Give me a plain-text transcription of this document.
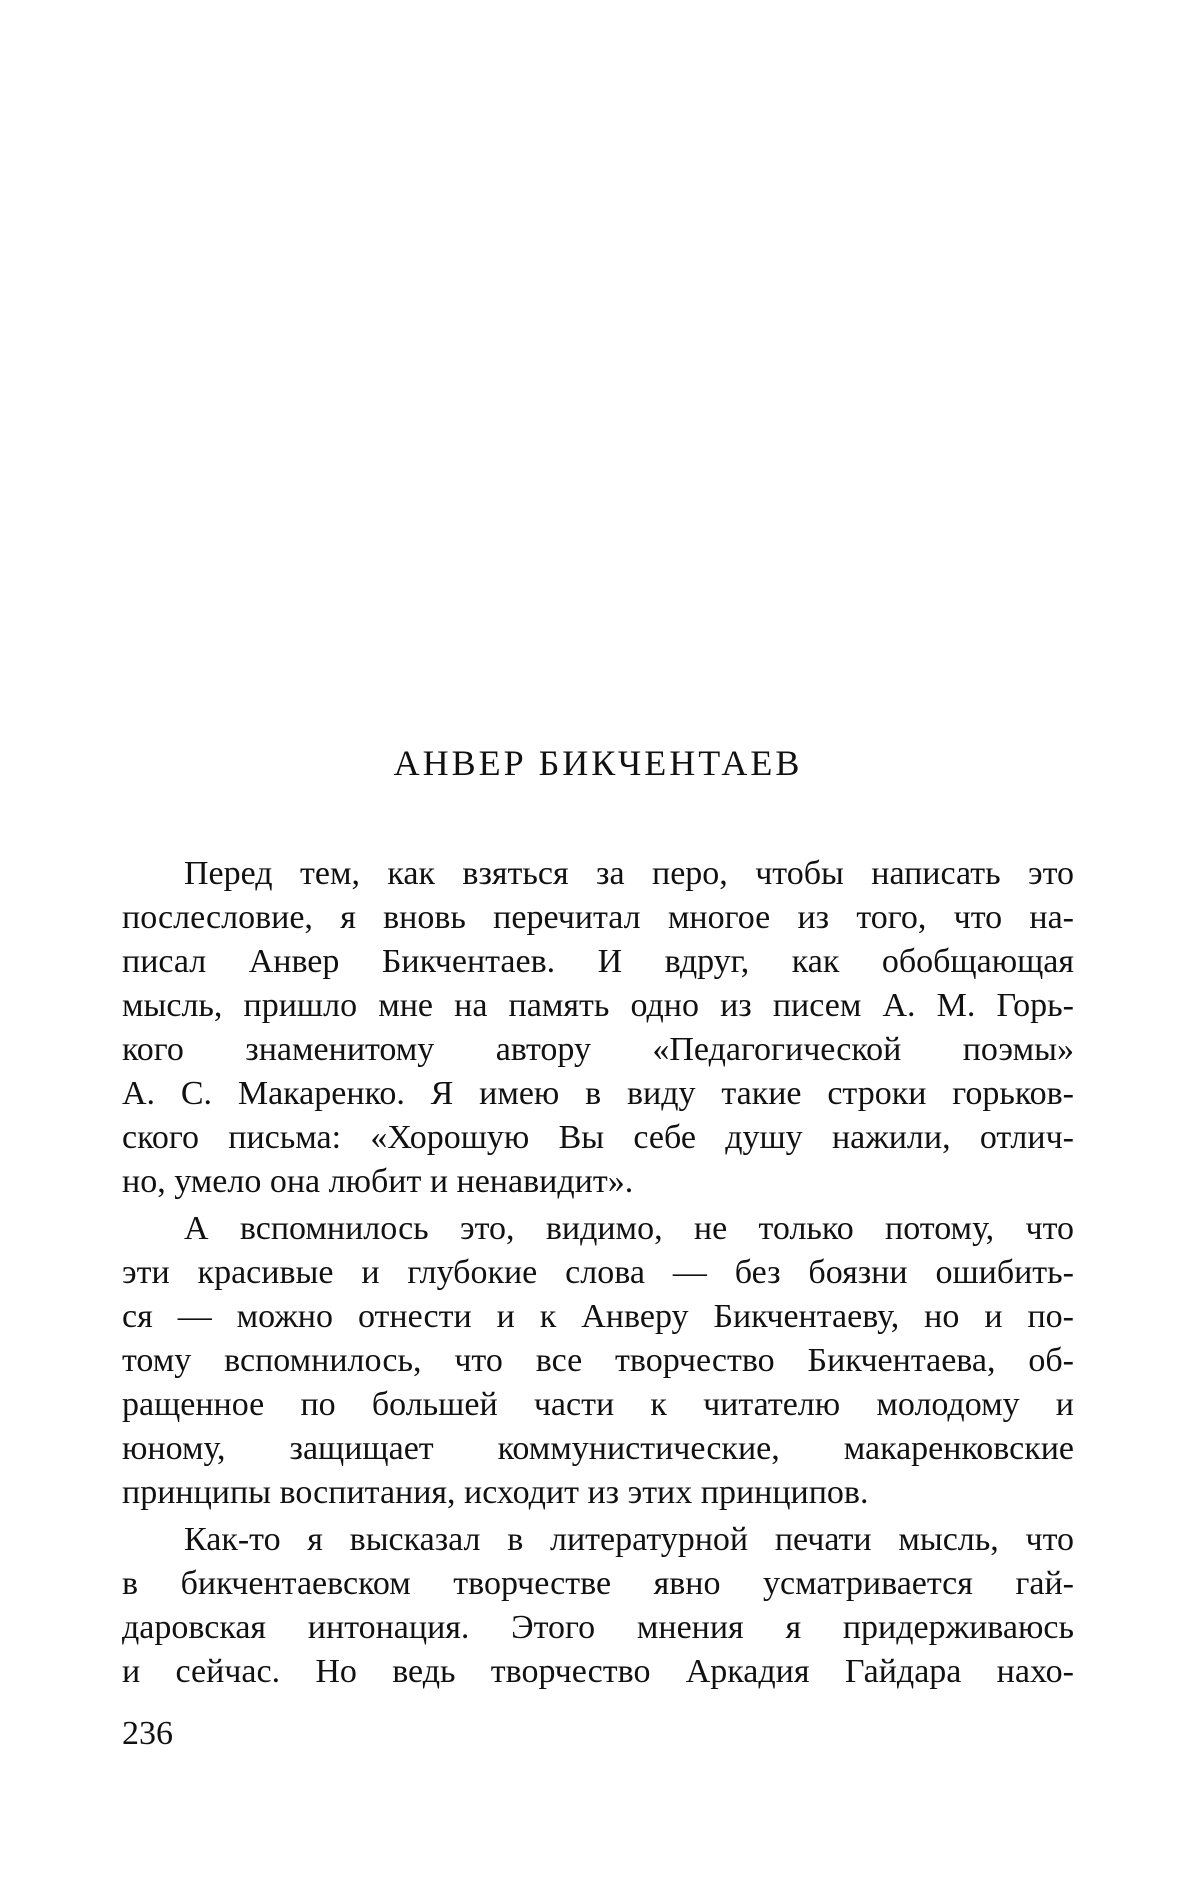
АНВЕР БИКЧЕНТАЕВ

Перед тем, как взяться за перо, чтобы написать это
послесловие, я вновь перечитал многое из того, что на-
писал Анвер Бикчентаев. И вдруг, как обобщающая
мысль, пришло мне на память одно из писем А. М. Горь-
кого знаменитому автору «Педагогической поэмы»
А. С. Макаренко. Я имею в виду такие строки горьков-
ского письма: «Хорошую Вы себе душу нажили, отлич-
но, умело она любит и ненавидит».

А вспомнилось это, видимо, не только потому, что
эти красивые и глубокие слова — без боязни ошибить-
ся — можно отнести и к Анверу Бикчентаеву, но и по-
тому вспомнилось, что все творчество Бикчентаева, об-
ращенное по большей части к читателю молодому и
юному, защищает коммунистические, макаренковские
принципы воспитания, исходит из этих принципов.

Как-то я высказал в литературной печати мысль, что
в бикчентаевском творчестве явно усматривается гай-
даровская интонация. Этого мнения я придерживаюсь
и сейчас. Но ведь творчество Аркадия Гайдара нахо-

236
